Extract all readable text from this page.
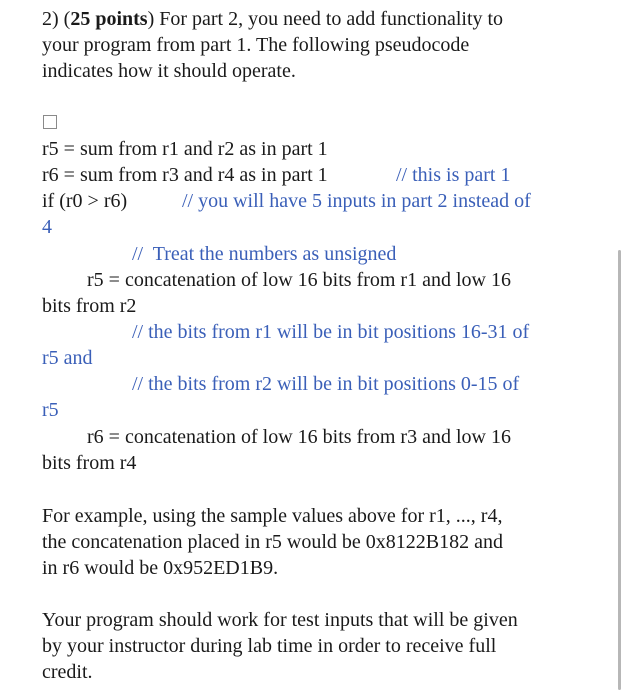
2) (25 points) For part 2, you need to add functionality to
your program from part 1. The following pseudocode
indicates how it should operate.
r5 = sum from r1 and r2 as in part 1
r6 = sum from r3 and r4 as in part 1	// this is part 1
if (r0 > r6)	// you will have 5 inputs in part 2 instead of
4
//  Treat the numbers as unsigned
r5 = concatenation of low 16 bits from r1 and low 16
bits from r2
// the bits from r1 will be in bit positions 16-31 of
r5 and
// the bits from r2 will be in bit positions 0-15 of
r5
r6 = concatenation of low 16 bits from r3 and low 16
bits from r4
For example, using the sample values above for r1, ..., r4,
the concatenation placed in r5 would be 0x8122B182 and
in r6 would be 0x952ED1B9.
Your program should work for test inputs that will be given
by your instructor during lab time in order to receive full
credit.
